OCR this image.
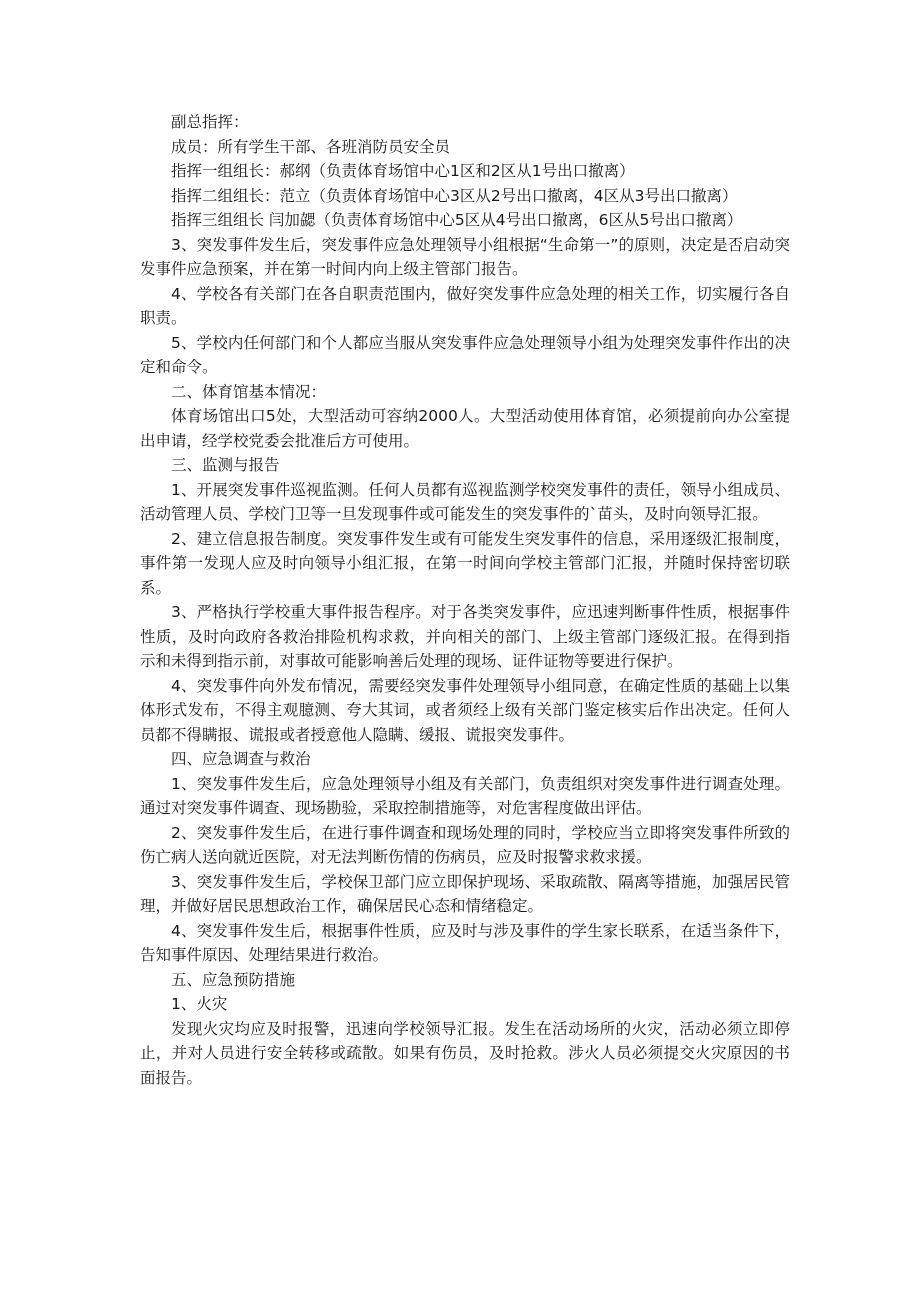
副总指挥：

成员：所有学生干部、各班消防员安全员

指挥一组组长：郝纲（负责体育场馆中心1区和2区从1号出口撤离）

指挥二组组长：范立（负责体育场馆中心3区从2号出口撤离，4区从3号出口撤离）

指挥三组组长 闫加勰（负责体育场馆中心5区从4号出口撤离，6区从5号出口撤离）

3、突发事件发生后，突发事件应急处理领导小组根据“生命第一”的原则，决定是否启动突发事件应急预案，并在第一时间内向上级主管部门报告。

4、学校各有关部门在各自职责范围内，做好突发事件应急处理的相关工作，切实履行各自职责。

5、学校内任何部门和个人都应当服从突发事件应急处理领导小组为处理突发事件作出的决定和命令。

二、体育馆基本情况：

体育场馆出口5处，大型活动可容纳2000人。大型活动使用体育馆，必须提前向办公室提出申请，经学校党委会批准后方可使用。

三、监测与报告

1、开展突发事件巡视监测。任何人员都有巡视监测学校突发事件的责任，领导小组成员、活动管理人员、学校门卫等一旦发现事件或可能发生的突发事件的`苗头，及时向领导汇报。

2、建立信息报告制度。突发事件发生或有可能发生突发事件的信息，采用逐级汇报制度，事件第一发现人应及时向领导小组汇报，在第一时间向学校主管部门汇报，并随时保持密切联系。

3、严格执行学校重大事件报告程序。对于各类突发事件，应迅速判断事件性质，根据事件性质，及时向政府各救治排险机构求救，并向相关的部门、上级主管部门逐级汇报。在得到指示和未得到指示前，对事故可能影响善后处理的现场、证件证物等要进行保护。

4、突发事件向外发布情况，需要经突发事件处理领导小组同意，在确定性质的基础上以集体形式发布，不得主观臆测、夸大其词，或者须经上级有关部门鉴定核实后作出决定。任何人员都不得瞒报、谎报或者授意他人隐瞒、缓报、谎报突发事件。

四、应急调查与救治

1、突发事件发生后，应急处理领导小组及有关部门，负责组织对突发事件进行调查处理。通过对突发事件调查、现场勘验，采取控制措施等，对危害程度做出评估。

2、突发事件发生后，在进行事件调查和现场处理的同时，学校应当立即将突发事件所致的伤亡病人送向就近医院，对无法判断伤情的伤病员，应及时报警求救求援。

3、突发事件发生后，学校保卫部门应立即保护现场、采取疏散、隔离等措施，加强居民管理，并做好居民思想政治工作，确保居民心态和情绪稳定。

4、突发事件发生后，根据事件性质，应及时与涉及事件的学生家长联系，在适当条件下，告知事件原因、处理结果进行救治。

五、应急预防措施

1、火灾

发现火灾均应及时报警，迅速向学校领导汇报。发生在活动场所的火灾，活动必须立即停止，并对人员进行安全转移或疏散。如果有伤员，及时抢救。涉火人员必须提交火灾原因的书面报告。
